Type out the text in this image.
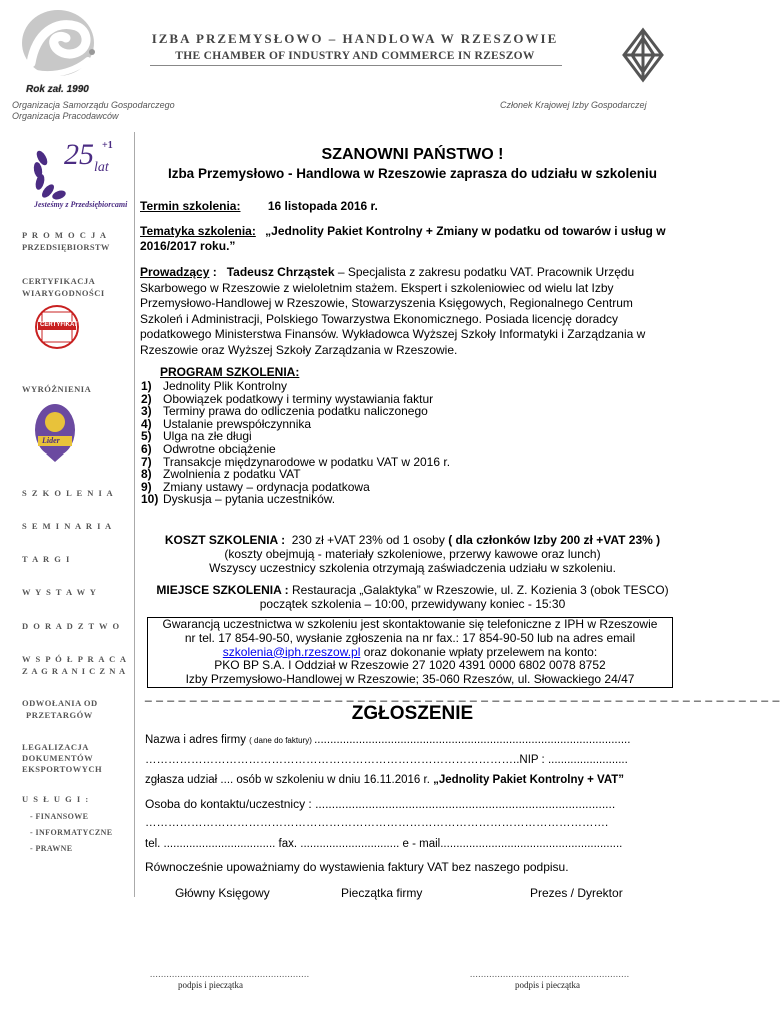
Rok zał. 1990
IZBA PRZEMYSŁOWO – HANDLOWA W RZESZOWIE
THE CHAMBER OF INDUSTRY AND COMMERCE IN RZESZOW
Organizacja Samorządu Gospodarczego
Organizacja Pracodawców
Członek Krajowej Izby Gospodarczej
25 +1
lat
Jesteśmy z Przedsiębiorcami
P R O M O C J A
PRZEDSIĘBIORSTW
CERTYFIKACJA
WIARYGODNOŚCI
CERTYFIKAT
WYRÓŻNIENIA
Lider
S Z K O L E N I A
S E M I N A R I A
T A R G I
W Y S T A W Y
D O R A D Z T W O
W S P Ó Ł P R A C A
Z A G R A N I C Z N A
ODWOŁANIA OD
PRZETARGÓW
LEGALIZACJA
DOKUMENTÓW
EKSPORTOWYCH
U S Ł U G I :
- FINANSOWE
- INFORMATYCZNE
- PRAWNE
SZANOWNI PAŃSTWO !
Izba Przemysłowo - Handlowa w Rzeszowie zaprasza do udziału w szkoleniu
Termin szkolenia: 16 listopada 2016 r.
Tematyka szkolenia: „Jednolity Pakiet Kontrolny + Zmiany w podatku od towarów i usług w
2016/2017 roku.”
Prowadzący :   Tadeusz Chrząstek – Specjalista z zakresu podatku VAT. Pracownik Urzędu
Skarbowego w Rzeszowie z wieloletnim stażem. Ekspert i szkoleniowiec od wielu lat Izby
Przemysłowo-Handlowej w Rzeszowie, Stowarzyszenia Księgowych, Regionalnego Centrum
Szkoleń i Administracji, Polskiego Towarzystwa Ekonomicznego. Posiada licencję doradcy
podatkowego Ministerstwa Finansów. Wykładowca Wyższej Szkoły Informatyki i Zarządzania w
Rzeszowie oraz Wyższej Szkoły Zarządzania w Rzeszowie.
PROGRAM SZKOLENIA:
1) Jednolity Plik Kontrolny
2) Obowiązek podatkowy i terminy wystawiania faktur
3) Terminy prawa do odliczenia podatku naliczonego
4) Ustalanie prewspółczynnika
5) Ulga na złe długi
6) Odwrotne obciążenie
7) Transakcje międzynarodowe w podatku VAT w 2016 r.
8) Zwolnienia z podatku VAT
9) Zmiany ustawy – ordynacja podatkowa
10) Dyskusja – pytania uczestników.
KOSZT SZKOLENIA :  230 zł +VAT 23% od 1 osoby ( dla członków Izby 200 zł +VAT 23% )
(koszty obejmują - materiały szkoleniowe, przerwy kawowe oraz lunch)
Wszyscy uczestnicy szkolenia otrzymają zaświadczenia udziału w szkoleniu.
MIEJSCE SZKOLENIA : Restauracja „Galaktyka” w Rzeszowie, ul. Z. Kozienia 3 (obok TESCO)
początek szkolenia – 10:00, przewidywany koniec - 15:30
Gwarancją uczestnictwa w szkoleniu jest skontaktowanie się telefoniczne z IPH w Rzeszowie
nr tel. 17 854-90-50, wysłanie zgłoszenia na nr fax.: 17 854-90-50 lub na adres email
szkolenia@iph.rzeszow.pl oraz dokonanie wpłaty przelewem na konto:
PKO BP S.A. I Oddział w Rzeszowie 27 1020 4391 0000 6802 0078 8752
Izby Przemysłowo-Handlowej w Rzeszowie; 35-060 Rzeszów, ul. Słowackiego 24/47
_ _ _ _ _ _ _ _ _ _ _ _ _ _ _ _ _ _ _ _ _ _ _ _ _ _ _ _ _ _ _ _ _ _ _ _ _ _ _ _ _ _ _ _ _ _ _ _ _ _ _ _ _ _ _ _ _
ZGŁOSZENIE
Nazwa i adres firmy ( dane do faktury) ...................................................................................................
……………………………………………………………………………………..NIP : .........................
zgłasza udział .... osób w szkoleniu w dniu 16.11.2016 r. „Jednolity Pakiet Kontrolny + VAT”
Osoba do kontaktu/uczestnicy : ..........................................................................................
………………………………………………………………………………………………………….
tel. ................................... fax. ............................... e - mail.........................................................
Równocześnie upoważniamy do wystawienia faktury VAT bez naszego podpisu.
Główny Księgowy	Pieczątka firmy	Prezes / Dyrektor
..........................................................
podpis i pieczątka
..........................................................
podpis i pieczątka
